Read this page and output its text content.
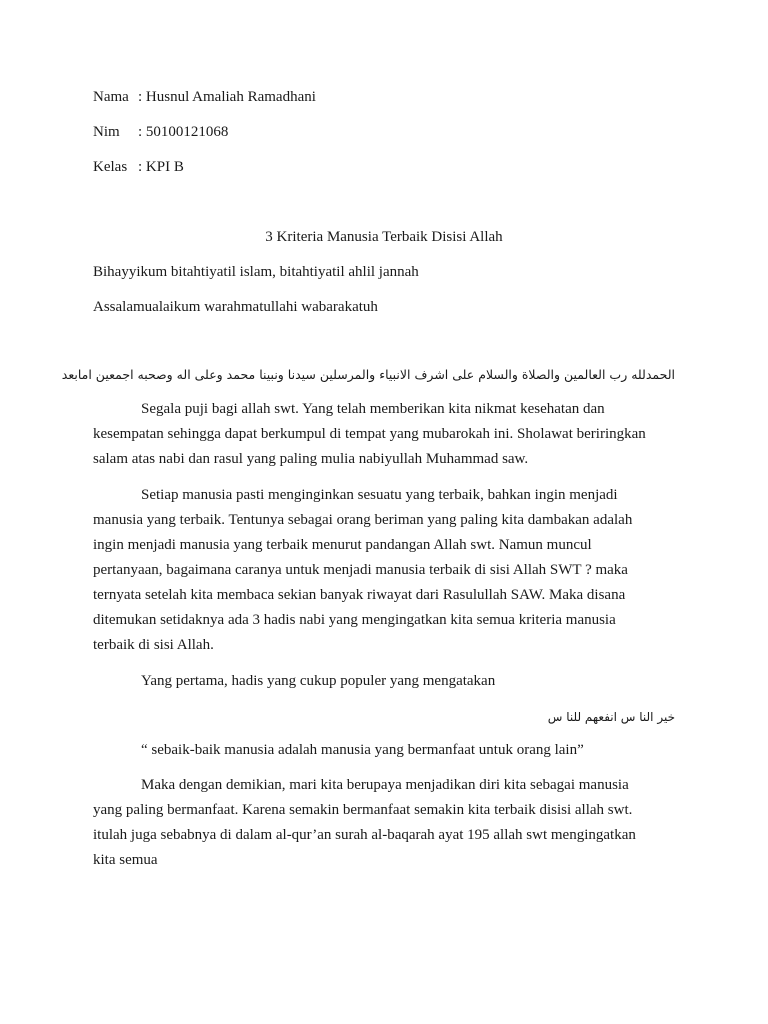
Nama : Husnul Amaliah Ramadhani
Nim : 50100121068
Kelas : KPI B
3 Kriteria Manusia Terbaik Disisi Allah
Bihayyikum bitahtiyatil islam, bitahtiyatil ahlil jannah
Assalamualaikum warahmatullahi wabarakatuh
الحمدلله رب العالمين والصلاة والسلام على اشرف الانبياء والمرسلين سيدنا ونبينا محمد وعلى اله وصحبه اجمعين امابعد
Segala puji bagi allah swt. Yang telah memberikan kita nikmat kesehatan dan
kesempatan sehingga dapat berkumpul di tempat yang mubarokah ini. Sholawat beriringkan
salam atas nabi dan rasul yang paling mulia nabiyullah Muhammad saw.
Setiap manusia pasti menginginkan sesuatu yang terbaik, bahkan ingin menjadi
manusia yang terbaik. Tentunya sebagai orang beriman yang paling kita dambakan adalah
ingin menjadi manusia yang terbaik menurut pandangan Allah swt. Namun muncul
pertanyaan, bagaimana caranya untuk menjadi manusia terbaik di sisi Allah SWT ? maka
ternyata setelah kita membaca sekian banyak riwayat dari Rasulullah SAW. Maka disana
ditemukan setidaknya ada 3 hadis nabi yang mengingatkan kita semua kriteria manusia
terbaik di sisi Allah.
Yang pertama, hadis yang cukup populer yang mengatakan
خير النا س انفعهم للنا س
“ sebaik-baik manusia adalah manusia yang bermanfaat untuk orang lain”
Maka dengan demikian, mari kita berupaya menjadikan diri kita sebagai manusia
yang paling bermanfaat. Karena semakin bermanfaat semakin kita terbaik disisi allah swt.
itulah juga sebabnya di dalam al-qur’an surah al-baqarah ayat 195 allah swt mengingatkan
kita semua
